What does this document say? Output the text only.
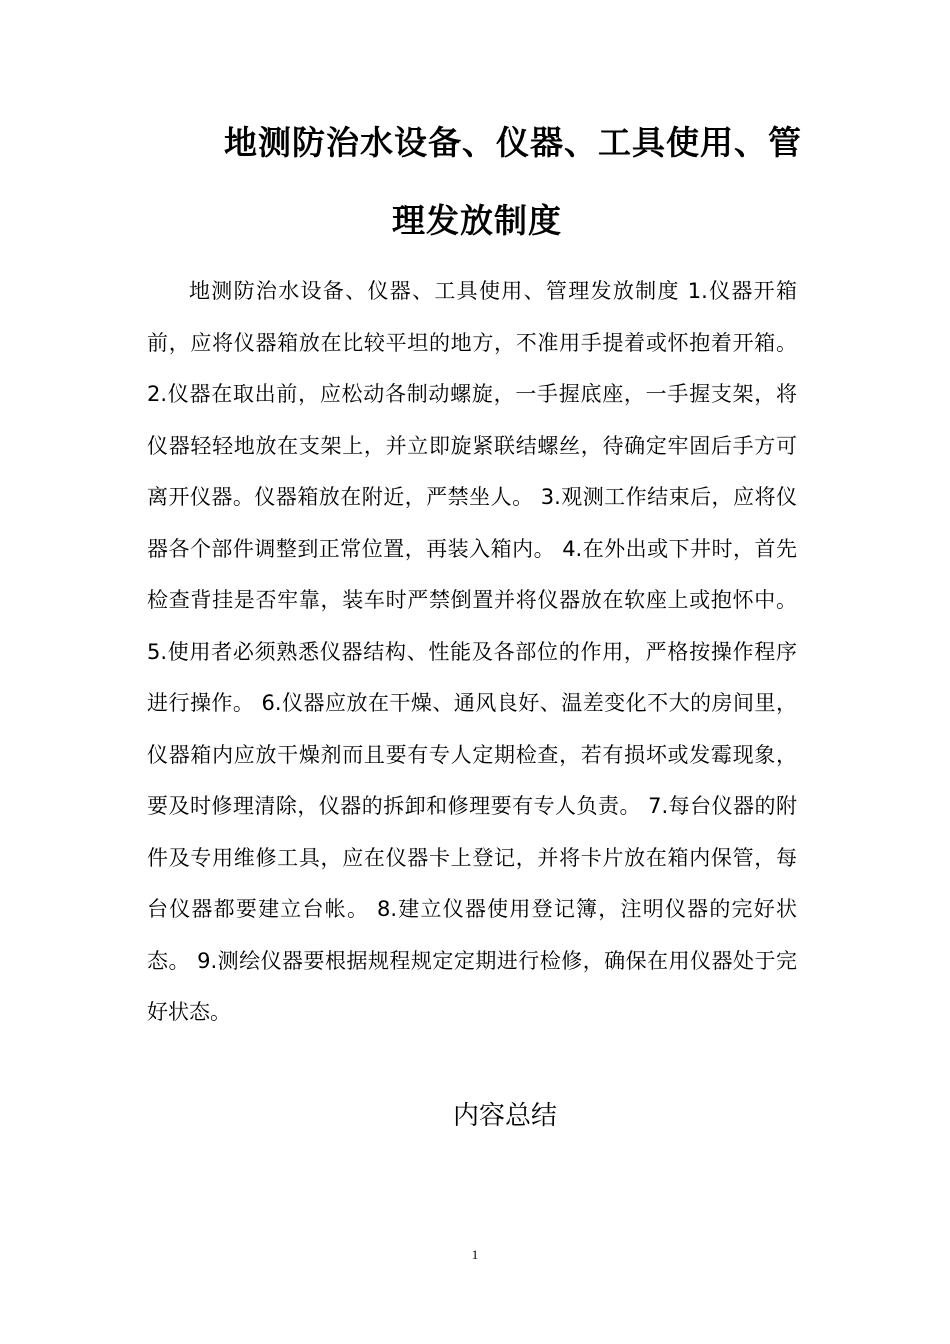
地测防治水设备、仪器、工具使用、管
理发放制度

地测防治水设备、仪器、工具使用、管理发放制度 1.仪器开箱前，应将仪器箱放在比较平坦的地方，不准用手提着或怀抱着开箱。 2.仪器在取出前，应松动各制动螺旋，一手握底座，一手握支架，将仪器轻轻地放在支架上，并立即旋紧联结螺丝，待确定牢固后手方可离开仪器。仪器箱放在附近，严禁坐人。 3.观测工作结束后，应将仪器各个部件调整到正常位置，再装入箱内。 4.在外出或下井时，首先检查背挂是否牢靠，装车时严禁倒置并将仪器放在软座上或抱怀中。 5.使用者必须熟悉仪器结构、性能及各部位的作用，严格按操作程序进行操作。 6.仪器应放在干燥、通风良好、温差变化不大的房间里，仪器箱内应放干燥剂而且要有专人定期检查，若有损坏或发霉现象，要及时修理清除，仪器的拆卸和修理要有专人负责。 7.每台仪器的附件及专用维修工具，应在仪器卡上登记，并将卡片放在箱内保管，每台仪器都要建立台帐。 8.建立仪器使用登记簿，注明仪器的完好状态。 9.测绘仪器要根据规程规定定期进行检修，确保在用仪器处于完好状态。

内容总结
1
